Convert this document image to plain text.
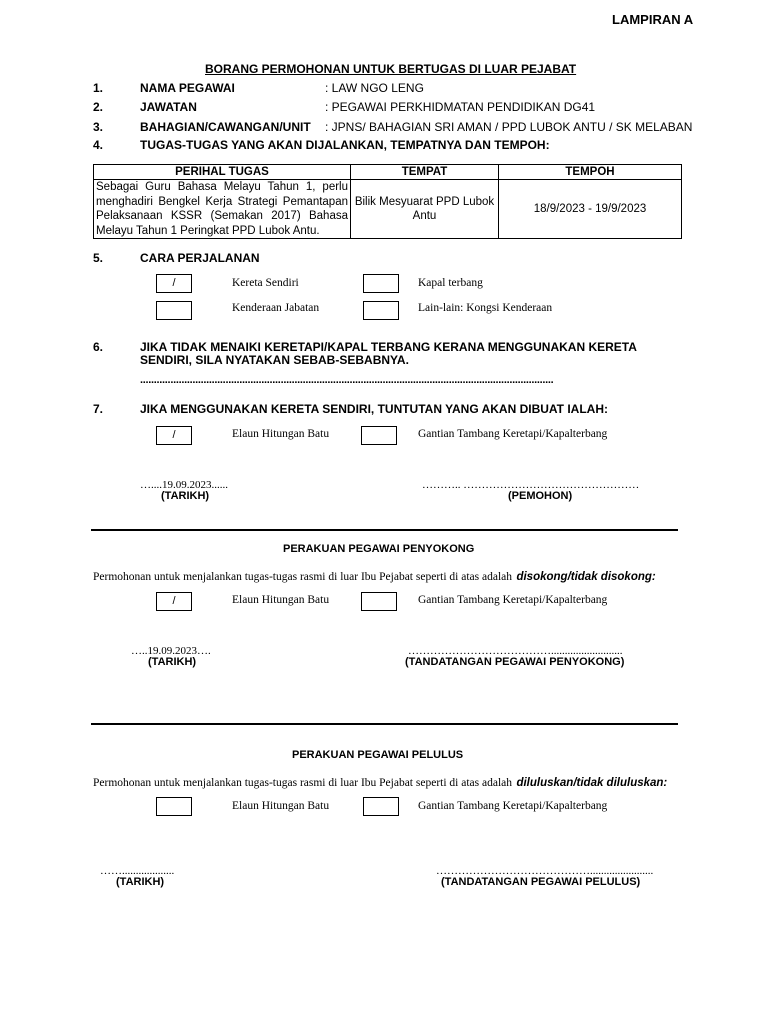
LAMPIRAN A
BORANG PERMOHONAN UNTUK BERTUGAS DI LUAR PEJABAT
1.	NAMA PEGAWAI	: LAW NGO LENG
2.	JAWATAN	: PEGAWAI PERKHIDMATAN PENDIDIKAN DG41
3.	BAHAGIAN/CAWANGAN/UNIT : JPNS/ BAHAGIAN SRI AMAN / PPD LUBOK ANTU / SK MELABAN
4.	TUGAS-TUGAS YANG AKAN DIJALANKAN, TEMPATNYA DAN TEMPOH:
PERIHAL TUGAS	TEMPAT	TEMPOH
Sebagai Guru Bahasa Melayu Tahun 1, perlu menghadiri Bengkel Kerja Strategi Pemantapan Pelaksanaan KSSR (Semakan 2017) Bahasa Melayu Tahun 1 Peringkat PPD Lubok Antu.	Bilik Mesyuarat PPD Lubok Antu	18/9/2023 - 19/9/2023
5.	CARA PERJALANAN
/	Kereta Sendiri	Kapal terbang
Kenderaan Jabatan	Lain-lain: Kongsi Kenderaan
6.	JIKA TIDAK MENAIKI KERETAPI/KAPAL TERBANG KERANA MENGGUNAKAN KERETA
SENDIRI, SILA NYATAKAN SEBAB-SEBABNYA.
......................................................................................................................................................
7.	JIKA MENGGUNAKAN KERETA SENDIRI, TUNTUTAN YANG AKAN DIBUAT IALAH:
/	Elaun Hitungan Batu	Gantian Tambang Keretapi/Kapalterbang
…....19.09.2023......
(TARIKH)
……….. …………………………………………
(PEMOHON)
PERAKUAN PEGAWAI PENYOKONG
Permohonan untuk menjalankan tugas-tugas rasmi di luar Ibu Pejabat seperti di atas adalah disokong/tidak disokong:
/	Elaun Hitungan Batu	Gantian Tambang Keretapi/Kapalterbang
…..19.09.2023….
(TARIKH)
…………………………………..........................
(TANDATANGAN PEGAWAI PENYOKONG)
PERAKUAN PEGAWAI PELULUS
Permohonan untuk menjalankan tugas-tugas rasmi di luar Ibu Pejabat seperti di atas adalah diluluskan/tidak diluluskan:
Elaun Hitungan Batu	Gantian Tambang Keretapi/Kapalterbang
……...................
(TARIKH)
…………………………………….......................
(TANDATANGAN PEGAWAI PELULUS)
